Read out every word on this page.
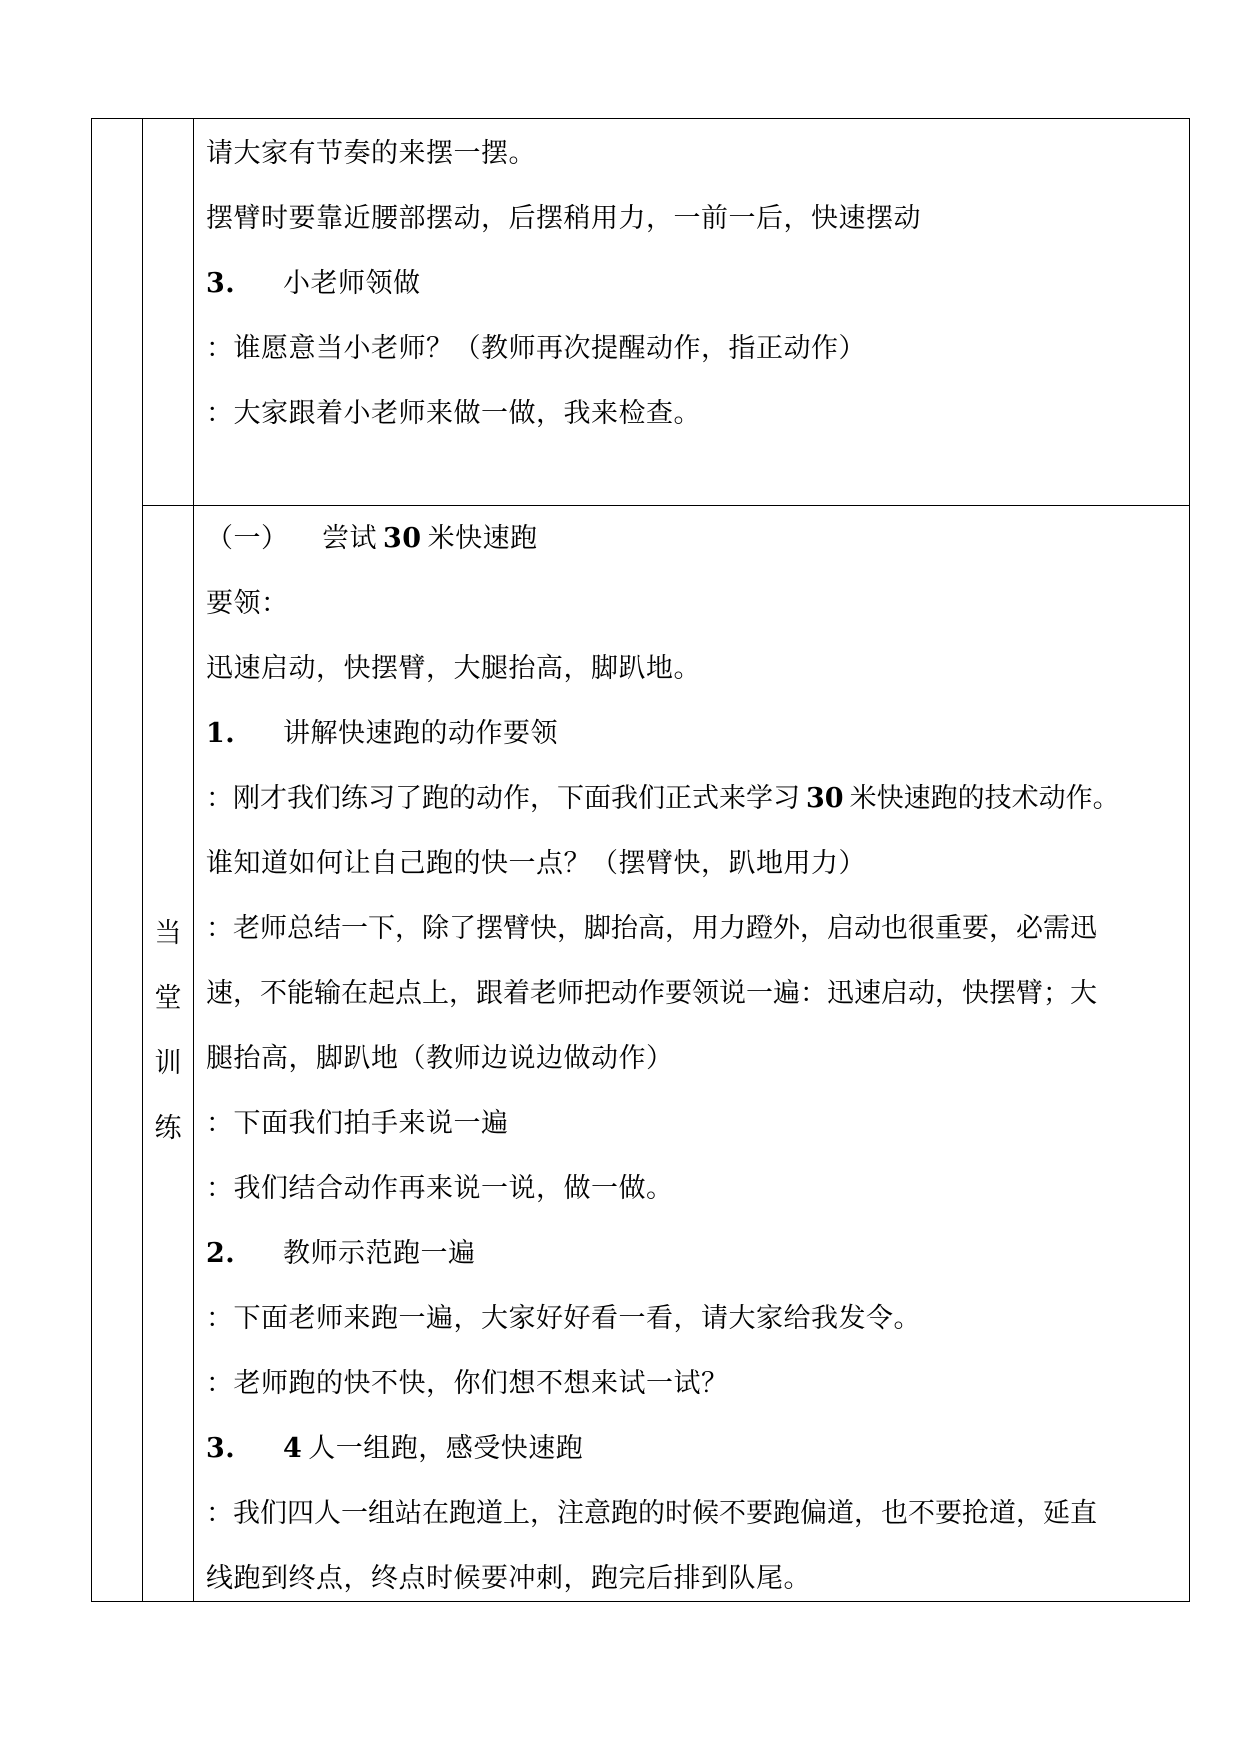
请大家有节奏的来摆一摆。
摆臂时要靠近腰部摆动，后摆稍用力，一前一后，快速摆动
3. 小老师领做
：谁愿意当小老师？（教师再次提醒动作，指正动作）
：大家跟着小老师来做一做，我来检查。
当
堂
训
练
（一） 尝试 30 米快速跑
要领：
迅速启动，快摆臂，大腿抬高，脚趴地。
1. 讲解快速跑的动作要领
：刚才我们练习了跑的动作，下面我们正式来学习 30 米快速跑的技术动作。
谁知道如何让自己跑的快一点？（摆臂快，趴地用力）
：老师总结一下，除了摆臂快，脚抬高，用力蹬外，启动也很重要，必需迅
速，不能输在起点上，跟着老师把动作要领说一遍：迅速启动，快摆臂；大
腿抬高，脚趴地（教师边说边做动作）
：下面我们拍手来说一遍
：我们结合动作再来说一说，做一做。
2. 教师示范跑一遍
：下面老师来跑一遍，大家好好看一看，请大家给我发令。
：老师跑的快不快，你们想不想来试一试？
3. 4 人一组跑，感受快速跑
：我们四人一组站在跑道上，注意跑的时候不要跑偏道，也不要抢道，延直
线跑到终点，终点时候要冲刺，跑完后排到队尾。
